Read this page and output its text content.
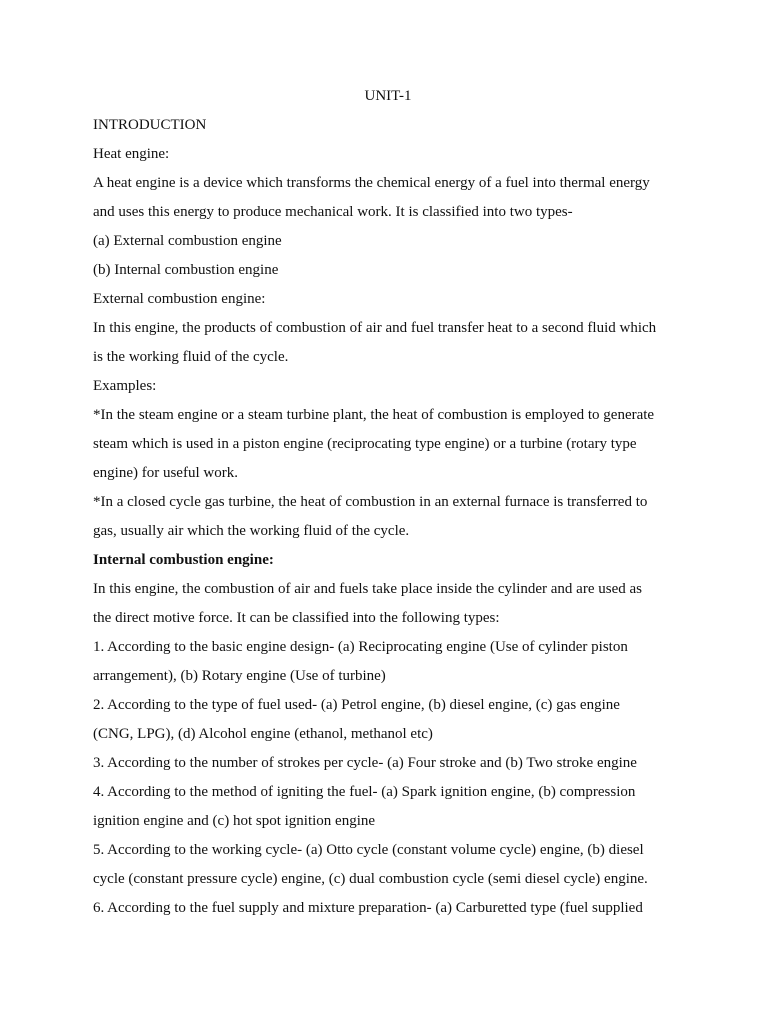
UNIT-1

INTRODUCTION

Heat engine:

A heat engine is a device which transforms the chemical energy of a fuel into thermal energy

and uses this energy to produce mechanical work. It is classified into two types-

(a) External combustion engine

(b) Internal combustion engine

External combustion engine:

In this engine, the products of combustion of air and fuel transfer heat to a second fluid which

is the working fluid of the cycle.

Examples:

*In the steam engine or a steam turbine plant, the heat of combustion is employed to generate

steam which is used in a piston engine (reciprocating type engine) or a turbine (rotary type

engine) for useful work.

*In a closed cycle gas turbine, the heat of combustion in an external furnace is transferred to

gas, usually air which the working fluid of the cycle.

Internal combustion engine:

In this engine, the combustion of air and fuels take place inside the cylinder and are used as

the direct motive force. It can be classified into the following types:

1. According to the basic engine design- (a) Reciprocating engine (Use of cylinder piston

arrangement), (b) Rotary engine (Use of turbine)

2. According to the type of fuel used- (a) Petrol engine, (b) diesel engine, (c) gas engine

(CNG, LPG), (d) Alcohol engine (ethanol, methanol etc)

3. According to the number of strokes per cycle- (a) Four stroke and (b) Two stroke engine

4. According to the method of igniting the fuel- (a) Spark ignition engine, (b) compression

ignition engine and (c) hot spot ignition engine

5. According to the working cycle- (a) Otto cycle (constant volume cycle) engine, (b) diesel

cycle (constant pressure cycle) engine, (c) dual combustion cycle (semi diesel cycle) engine.

6. According to the fuel supply and mixture preparation- (a) Carburetted type (fuel supplied
